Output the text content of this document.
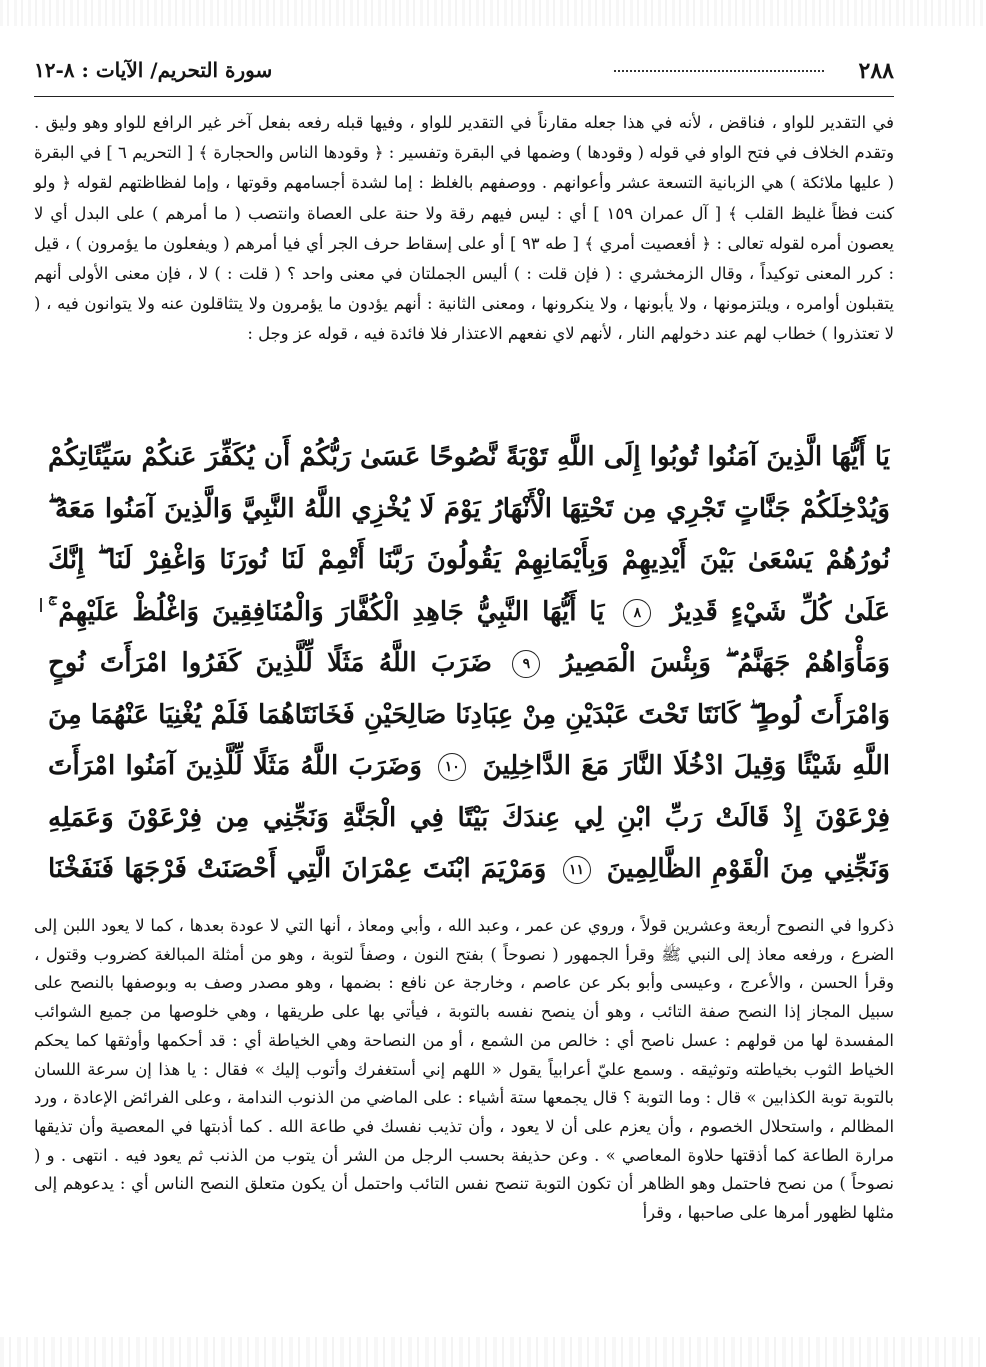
٢٨٨
سورة التحريم/ الآيات : ٨-١٢

في التقدير للواو ، فناقض ، لأنه في هذا جعله مقارناً في التقدير للواو ، وفيها قبله رفعه بفعل آخر غير الرافع للواو وهو وليق . وتقدم الخلاف في فتح الواو في قوله ( وقودها ) وضمها في البقرة وتفسير : ﴿ وقودها الناس والحجارة ﴾ [ التحريم ٦ ] في البقرة ( عليها ملائكة ) هي الزبانية التسعة عشر وأعوانهم . ووصفهم بالغلظ : إما لشدة أجسامهم وقوتها ، وإما لفظاظتهم لقوله ﴿ ولو كنت فظاً غليظ القلب ﴾ [ آل عمران ١٥٩ ] أي : ليس فيهم رقة ولا حنة على العصاة وانتصب ( ما أمرهم ) على البدل أي لا يعصون أمره لقوله تعالى : ﴿ أفعصيت أمري ﴾ [ طه ٩٣ ] أو على إسقاط حرف الجر أي فيا أمرهم ( ويفعلون ما يؤمرون ) ، قيل : كرر المعنى توكيداً ، وقال الزمخشري : ( فإن قلت : ) أليس الجملتان في معنى واحد ؟ ( قلت : ) لا ، فإن معنى الأولى أنهم يتقبلون أوامره ، ويلتزمونها ، ولا يأبونها ، ولا ينكرونها ، ومعنى الثانية : أنهم يؤدون ما يؤمرون ولا يتثاقلون عنه ولا يتوانون فيه ، ( لا تعتذروا ) خطاب لهم عند دخولهم النار ، لأنهم لاي نفعهم الاعتذار فلا فائدة فيه ، قوله عز وجل :

يَا أَيُّهَا الَّذِينَ آمَنُوا تُوبُوا إِلَى اللَّهِ تَوْبَةً نَّصُوحًا عَسَىٰ رَبُّكُمْ أَن يُكَفِّرَ عَنكُمْ سَيِّئَاتِكُمْ وَيُدْخِلَكُمْ جَنَّاتٍ تَجْرِي مِن تَحْتِهَا الْأَنْهَارُ يَوْمَ لَا يُخْزِي اللَّهُ النَّبِيَّ وَالَّذِينَ آمَنُوا مَعَهُ ۖ نُورُهُمْ يَسْعَىٰ بَيْنَ أَيْدِيهِمْ وَبِأَيْمَانِهِمْ يَقُولُونَ رَبَّنَا أَتْمِمْ لَنَا نُورَنَا وَاغْفِرْ لَنَا ۖ إِنَّكَ عَلَىٰ كُلِّ شَيْءٍ قَدِيرٌ ٨ يَا أَيُّهَا النَّبِيُّ جَاهِدِ الْكُفَّارَ وَالْمُنَافِقِينَ وَاغْلُظْ عَلَيْهِمْ ۚ وَمَأْوَاهُمْ جَهَنَّمُ ۖ وَبِئْسَ الْمَصِيرُ ٩ ضَرَبَ اللَّهُ مَثَلًا لِّلَّذِينَ كَفَرُوا امْرَأَتَ نُوحٍ وَامْرَأَتَ لُوطٍ ۖ كَانَتَا تَحْتَ عَبْدَيْنِ مِنْ عِبَادِنَا صَالِحَيْنِ فَخَانَتَاهُمَا فَلَمْ يُغْنِيَا عَنْهُمَا مِنَ اللَّهِ شَيْئًا وَقِيلَ ادْخُلَا النَّارَ مَعَ الدَّاخِلِينَ ١٠ وَضَرَبَ اللَّهُ مَثَلًا لِّلَّذِينَ آمَنُوا امْرَأَتَ فِرْعَوْنَ إِذْ قَالَتْ رَبِّ ابْنِ لِي عِندَكَ بَيْتًا فِي الْجَنَّةِ وَنَجِّنِي مِن فِرْعَوْنَ وَعَمَلِهِ وَنَجِّنِي مِنَ الْقَوْمِ الظَّالِمِينَ ١١ وَمَرْيَمَ ابْنَتَ عِمْرَانَ الَّتِي أَحْصَنَتْ فَرْجَهَا فَنَفَخْنَا

ذكروا في النصوح أربعة وعشرين قولاً ، وروي عن عمر ، وعبد الله ، وأبي ومعاذ ، أنها التي لا عودة بعدها ، كما لا يعود اللبن إلى الضرع ، ورفعه معاذ إلى النبي ﷺ وقرأ الجمهور ( نصوحاً ) بفتح النون ، وصفاً لتوبة ، وهو من أمثلة المبالغة كضروب وقتول ، وقرأ الحسن ، والأعرج ، وعيسى وأبو بكر عن عاصم ، وخارجة عن نافع : بضمها ، وهو مصدر وصف به وبوصفها بالنصح على سبيل المجاز إذا النصح صفة التائب ، وهو أن ينصح نفسه بالتوبة ، فيأتي بها على طريقها ، وهي خلوصها من جميع الشوائب المفسدة لها من قولهم : عسل ناصح أي : خالص من الشمع ، أو من النصاحة وهي الخياطة أي : قد أحكمها وأوثقها كما يحكم الخياط الثوب بخياطته وتوثيقه . وسمع عليّ أعرابياً يقول « اللهم إني أستغفرك وأتوب إليك » فقال : يا هذا إن سرعة اللسان بالتوبة توبة الكذابين » قال : وما التوبة ؟ قال يجمعها ستة أشياء : على الماضي من الذنوب الندامة ، وعلى الفرائض الإعادة ، ورد المظالم ، واستحلال الخصوم ، وأن يعزم على أن لا يعود ، وأن تذيب نفسك في طاعة الله . كما أذبتها في المعصية وأن تذيقها مرارة الطاعة كما أذقتها حلاوة المعاصي » . وعن حذيفة بحسب الرجل من الشر أن يتوب من الذنب ثم يعود فيه . انتهى . و ( نصوحاً ) من نصح فاحتمل وهو الظاهر أن تكون التوبة تنصح نفس التائب واحتمل أن يكون متعلق النصح الناس أي : يدعوهم إلى مثلها لظهور أمرها على صاحبها ، وقرأ
